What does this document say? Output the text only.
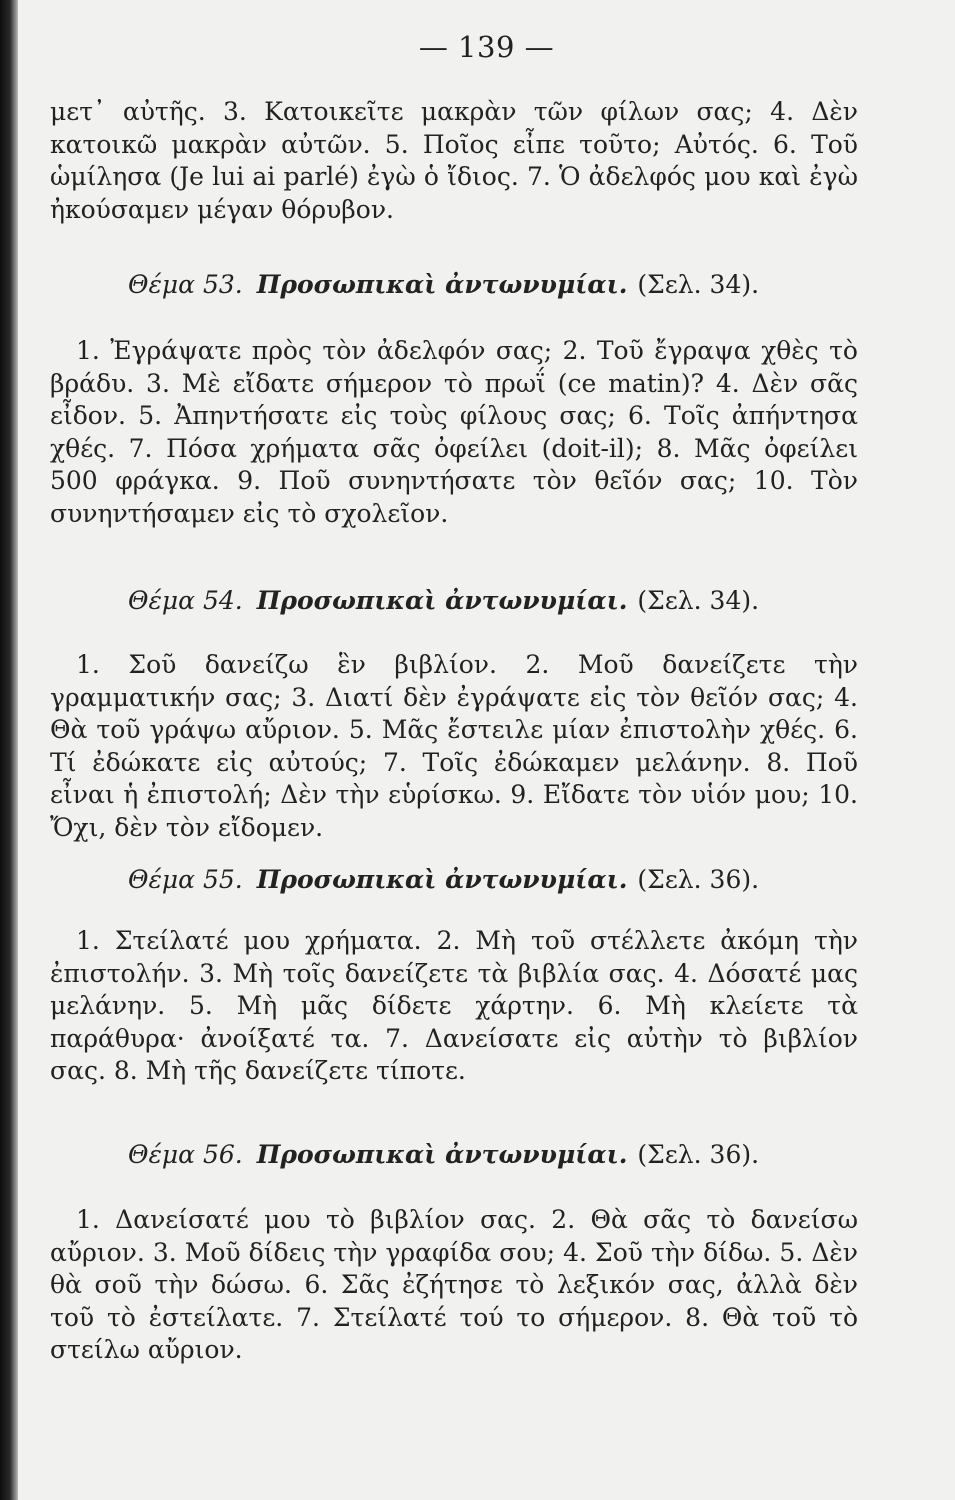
— 139 —

μετ᾽ αὐτῆς. 3. Κατοικεῖτε μακρὰν τῶν φίλων σας; 4. Δὲν κατοικῶ μακρὰν αὐτῶν. 5. Ποῖος εἶπε τοῦτο; Αὐτός. 6. Τοῦ ὡμίλησα (Je lui ai parlé) ἐγὼ ὁ ἴδιος. 7. Ὁ ἀδελφός μου καὶ ἐγὼ ἠκούσαμεν μέγαν θόρυβον.

Θέμα 53. Προσωπικαὶ ἀντωνυμίαι. (Σελ. 34).

1. Ἐγράψατε πρὸς τὸν ἀδελφόν σας; 2. Τοῦ ἔγραψα χθὲς τὸ βράδυ. 3. Μὲ εἴδατε σήμερον τὸ πρωΐ (ce matin)? 4. Δὲν σᾶς εἶδον. 5. Ἀπηντήσατε εἰς τοὺς φίλους σας; 6. Τοῖς ἀπήντησα χθές. 7. Πόσα χρήματα σᾶς ὀφείλει (doit-il); 8. Μᾶς ὀφείλει 500 φράγκα. 9. Ποῦ συνηντήσατε τὸν θεῖόν σας; 10. Τὸν συνηντήσαμεν εἰς τὸ σχολεῖον.

Θέμα 54. Προσωπικαὶ ἀντωνυμίαι. (Σελ. 34).

1. Σοῦ δανείζω ἓν βιβλίον. 2. Μοῦ δανείζετε τὴν γραμματικήν σας; 3. Διατί δὲν ἐγράψατε εἰς τὸν θεῖόν σας; 4. Θὰ τοῦ γράψω αὔριον. 5. Μᾶς ἔστειλε μίαν ἐπιστολὴν χθές. 6. Τί ἐδώκατε εἰς αὐτούς; 7. Τοῖς ἐδώκαμεν μελάνην. 8. Ποῦ εἶναι ἡ ἐπιστολή; Δὲν τὴν εὑρίσκω. 9. Εἴδατε τὸν υἱόν μου; 10. Ὄχι, δὲν τὸν εἴδομεν.

Θέμα 55. Προσωπικαὶ ἀντωνυμίαι. (Σελ. 36).

1. Στείλατέ μου χρήματα. 2. Μὴ τοῦ στέλλετε ἀκόμη τὴν ἐπιστολήν. 3. Μὴ τοῖς δανείζετε τὰ βιβλία σας. 4. Δόσατέ μας μελάνην. 5. Μὴ μᾶς δίδετε χάρτην. 6. Μὴ κλείετε τὰ παράθυρα· ἀνοίξατέ τα. 7. Δανείσατε εἰς αὐτὴν τὸ βιβλίον σας. 8. Μὴ τῆς δανείζετε τίποτε.

Θέμα 56. Προσωπικαὶ ἀντωνυμίαι. (Σελ. 36).

1. Δανείσατέ μου τὸ βιβλίον σας. 2. Θὰ σᾶς τὸ δανείσω αὔριον. 3. Μοῦ δίδεις τὴν γραφίδα σου; 4. Σοῦ τὴν δίδω. 5. Δὲν θὰ σοῦ τὴν δώσω. 6. Σᾶς ἐζήτησε τὸ λεξικόν σας, ἀλλὰ δὲν τοῦ τὸ ἐστείλατε. 7. Στείλατέ τού το σήμερον. 8. Θὰ τοῦ τὸ στείλω αὔριον.
